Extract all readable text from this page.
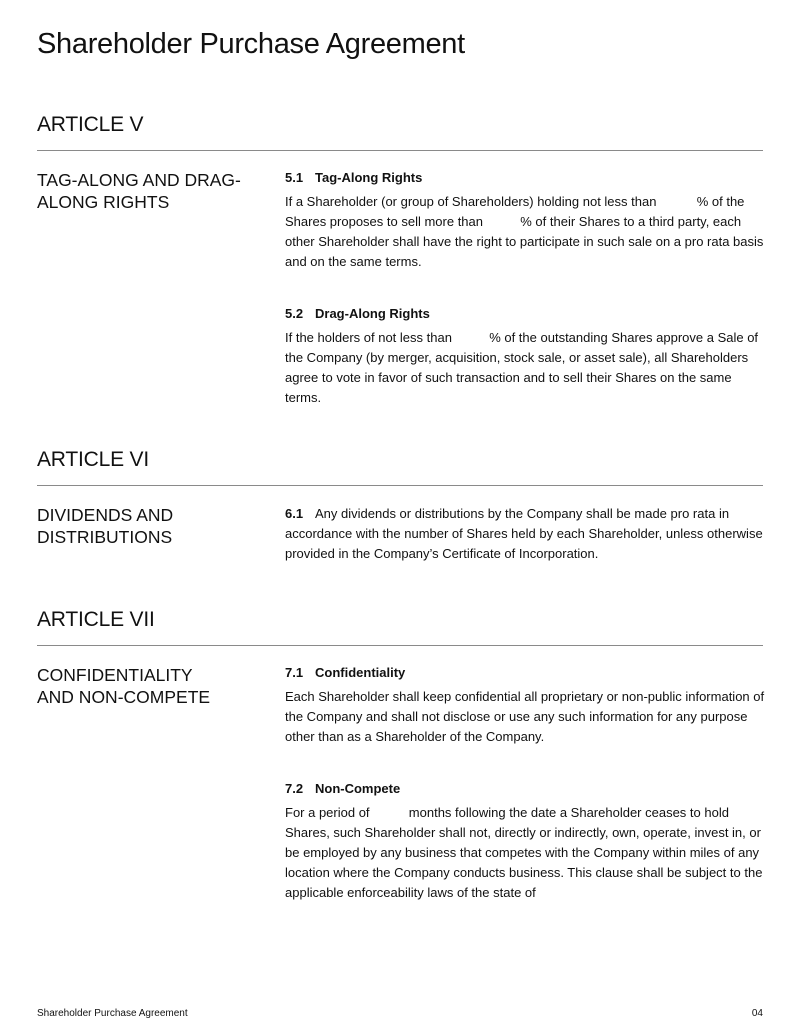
Shareholder Purchase Agreement
ARTICLE V
TAG-ALONG AND DRAG-
ALONG RIGHTS

5.1 Tag-Along Rights

If a Shareholder (or group of Shareholders) holding not less than	% of the Shares proposes to sell more than	% of their Shares to a third party, each other Shareholder shall have the right to participate in such sale on a pro rata basis and on the same terms.

5.2 Drag-Along Rights

If the holders of not less than	% of the outstanding Shares approve a Sale of the Company (by merger, acquisition, stock sale, or asset sale), all Shareholders agree to vote in favor of such transaction and to sell their Shares on the same terms.

ARTICLE VI
DIVIDENDS AND
DISTRIBUTIONS

6.1 Any dividends or distributions by the Company shall be made pro rata in accordance with the number of Shares held by each Shareholder, unless otherwise provided in the Company’s Certificate of Incorporation.

ARTICLE VII
CONFIDENTIALITY
AND NON-COMPETE

7.1 Confidentiality

Each Shareholder shall keep confidential all proprietary or non-public information of the Company and shall not disclose or use any such information for any purpose other than as a Shareholder of the Company.

7.2 Non-Compete

For a period of	months following the date a Shareholder ceases to hold Shares, such Shareholder shall not, directly or indirectly, own, operate, invest in, or be employed by any business that competes with the Company within miles of any location where the Company conducts business. This clause shall be subject to the applicable enforceability laws of the state of

Shareholder Purchase Agreement	04
